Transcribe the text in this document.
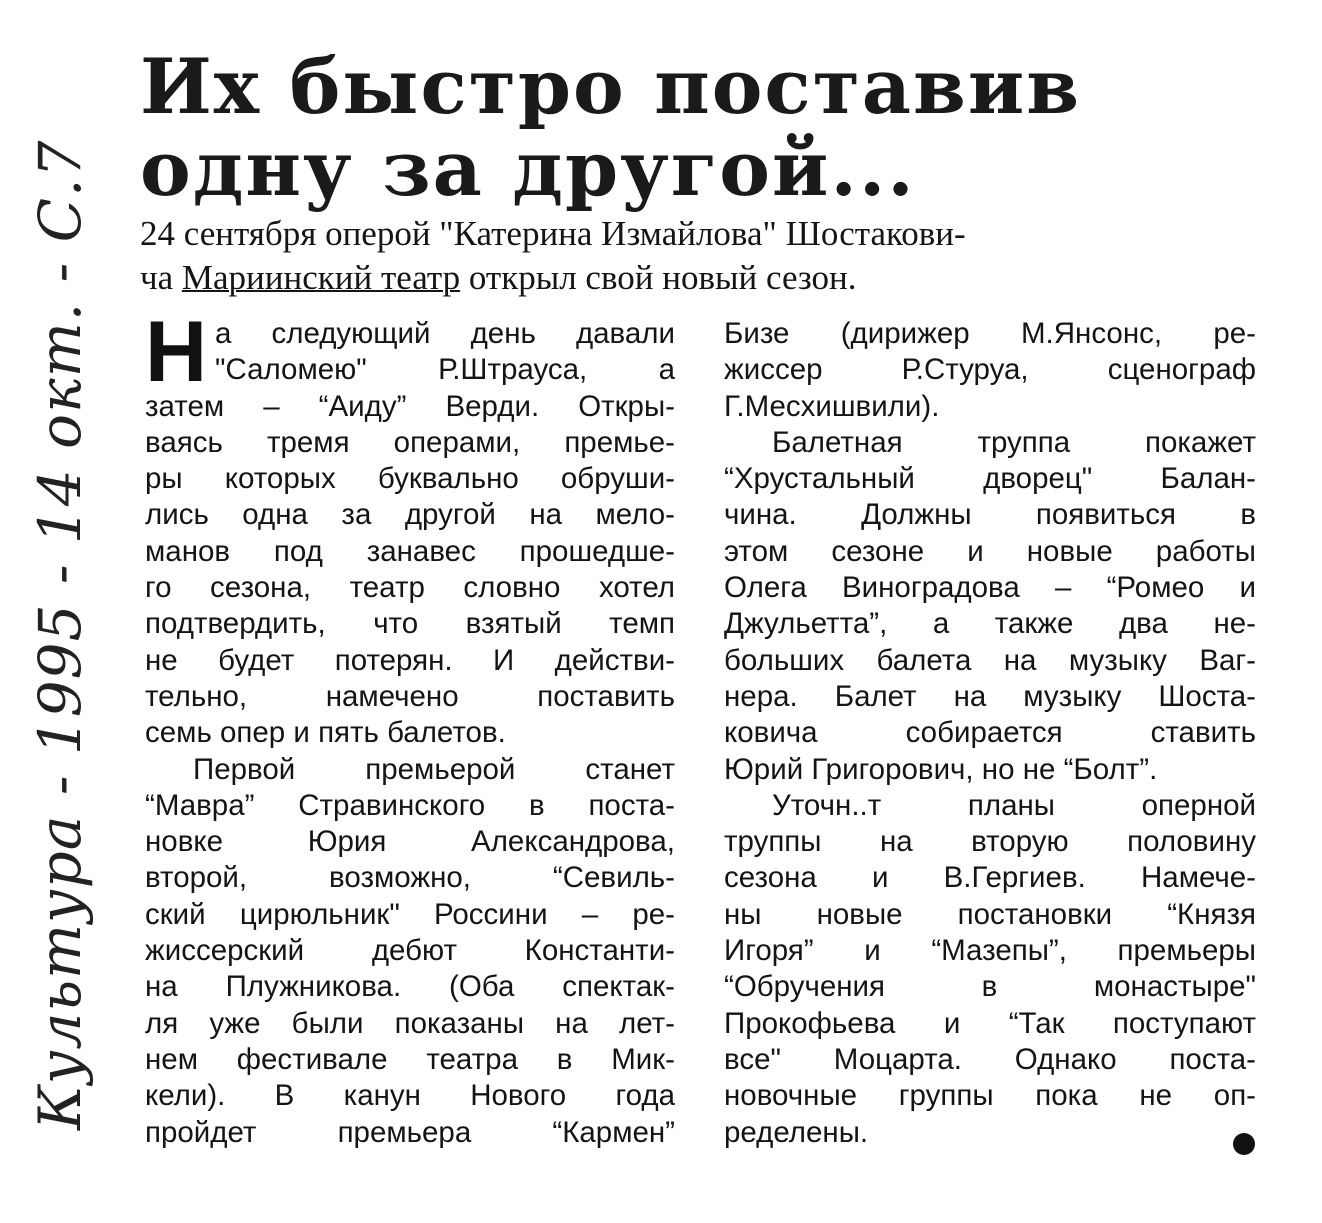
Их быстро поставив
одну за другой...
24 сентября оперой "Катерина Измайлова" Шостакови-
ча Мариинский театр открыл свой новый сезон.
Н а следующий день давали
"Саломею" Р.Штрауса, а
затем – “Аиду” Верди. Откры-
ваясь тремя операми, премье-
ры которых буквально обруши-
лись одна за другой на мело-
манов под занавес прошедше-
го сезона, театр словно хотел
подтвердить, что взятый темп
не будет потерян. И действи-
тельно, намечено поставить
семь опер и пять балетов.
Первой премьерой станет
“Мавра” Стравинского в поста-
новке Юрия Александрова,
второй, возможно, “Севиль-
ский цирюльник" Россини – ре-
жиссерский дебют Константи-
на Плужникова. (Оба спектак-
ля уже были показаны на лет-
нем фестивале театра в Мик-
кели). В канун Нового года
пройдет премьера “Кармен”
Бизе (дирижер М.Янсонс, ре-
жиссер Р.Стуруа, сценограф
Г.Месхишвили).
Балетная труппа покажет
“Хрустальный дворец" Балан-
чина. Должны появиться в
этом сезоне и новые работы
Олега Виноградова – “Ромео и
Джульетта”, а также два не-
больших балета на музыку Ваг-
нера. Балет на музыку Шоста-
ковича собирается ставить
Юрий Григорович, но не “Болт”.
Уточн..т планы оперной
труппы на вторую половину
сезона и В.Гергиев. Намече-
ны новые постановки “Князя
Игоря” и “Мазепы”, премьеры
“Обручения в монастыре"
Прокофьева и “Так поступают
все" Моцарта. Однако поста-
новочные группы пока не оп-
ределены.
Культура - 1995 - 14 окт. - С.7
